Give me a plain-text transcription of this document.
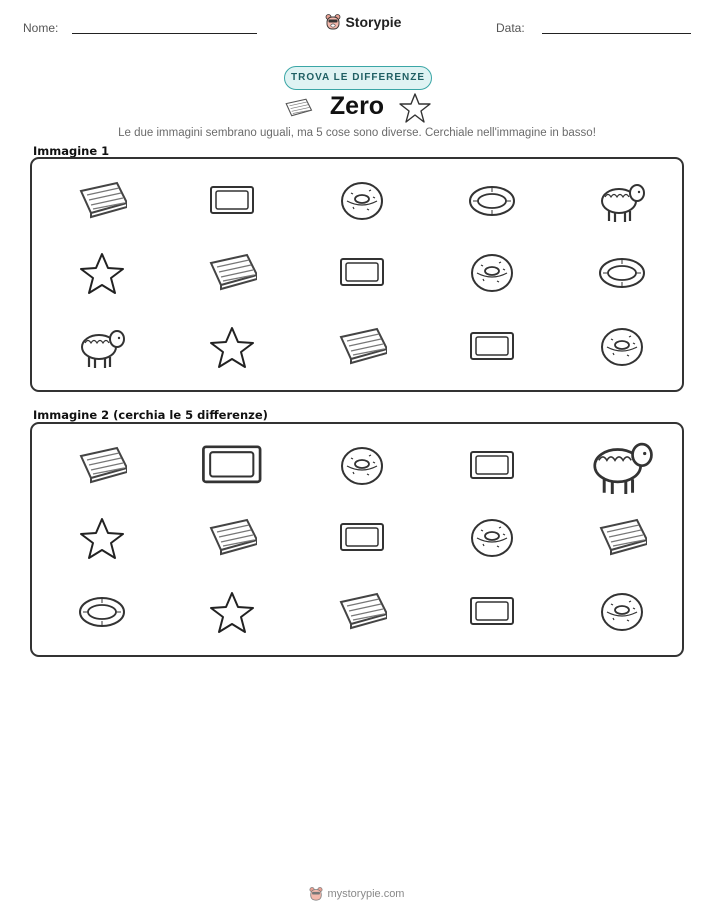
Nome:	Storypie	Data:
TROVA LE DIFFERENZE
Zero
Le due immagini sembrano uguali, ma 5 cose sono diverse. Cerchiale nell'immagine in basso!
Immagine 1
Immagine 2 (cerchia le 5 differenze)
mystorypie.com
